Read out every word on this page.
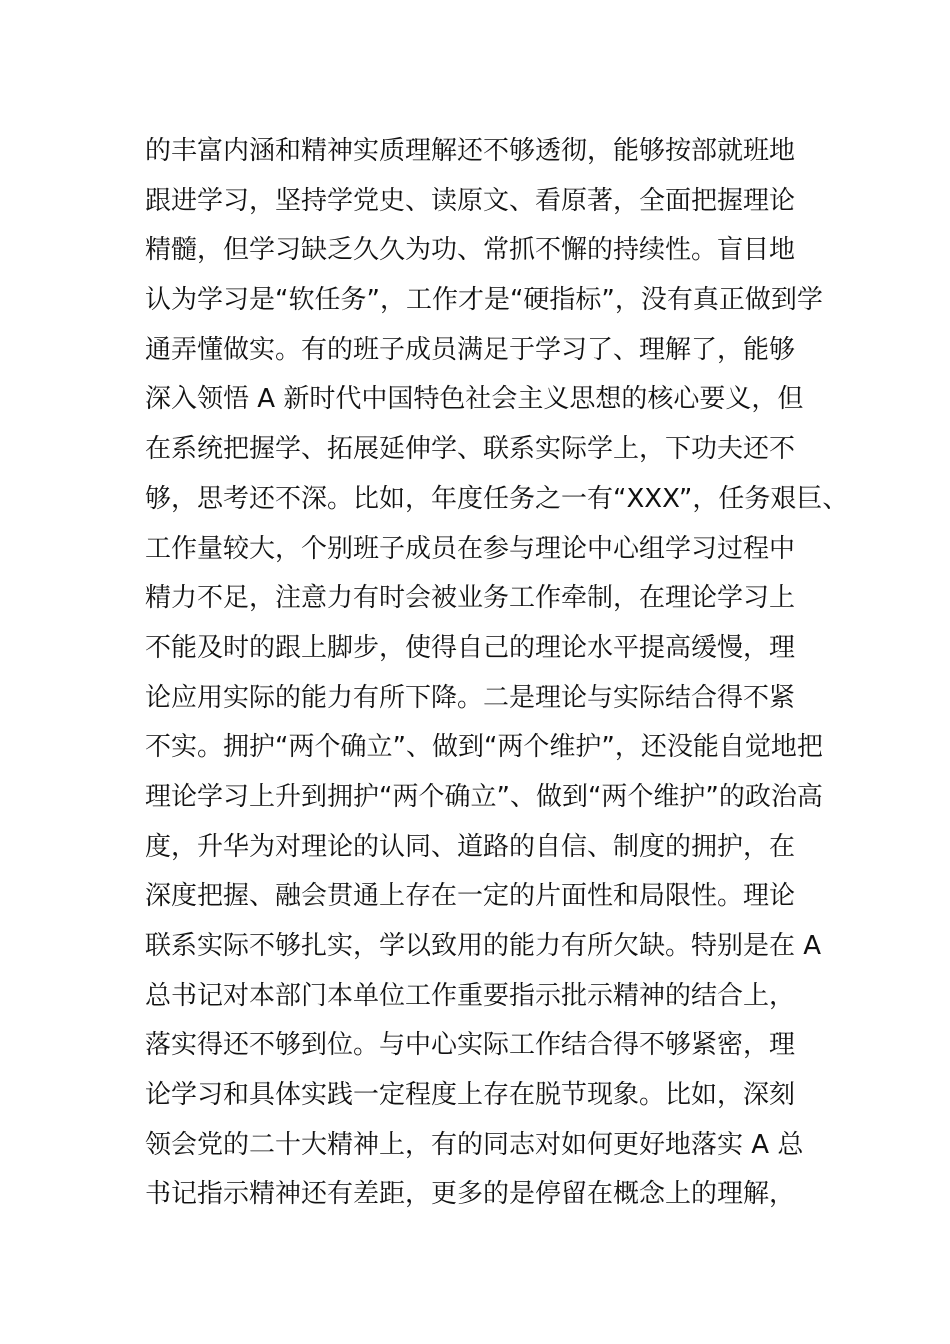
的丰富内涵和精神实质理解还不够透彻，能够按部就班地
跟进学习，坚持学党史、读原文、看原著，全面把握理论
精髓，但学习缺乏久久为功、常抓不懈的持续性。盲目地
认为学习是“软任务”，工作才是“硬指标”，没有真正做到学
通弄懂做实。有的班子成员满足于学习了、理解了，能够
深入领悟 A 新时代中国特色社会主义思想的核心要义，但
在系统把握学、拓展延伸学、联系实际学上，下功夫还不
够，思考还不深。比如，年度任务之一有“XXX”，任务艰巨、
工作量较大，个别班子成员在参与理论中心组学习过程中
精力不足，注意力有时会被业务工作牵制，在理论学习上
不能及时的跟上脚步，使得自己的理论水平提高缓慢，理
论应用实际的能力有所下降。二是理论与实际结合得不紧
不实。拥护“两个确立”、做到“两个维护”，还没能自觉地把
理论学习上升到拥护“两个确立”、做到“两个维护”的政治高
度，升华为对理论的认同、道路的自信、制度的拥护，在
深度把握、融会贯通上存在一定的片面性和局限性。理论
联系实际不够扎实，学以致用的能力有所欠缺。特别是在 A
总书记对本部门本单位工作重要指示批示精神的结合上，
落实得还不够到位。与中心实际工作结合得不够紧密，理
论学习和具体实践一定程度上存在脱节现象。比如，深刻
领会党的二十大精神上，有的同志对如何更好地落实 A 总
书记指示精神还有差距，更多的是停留在概念上的理解，
